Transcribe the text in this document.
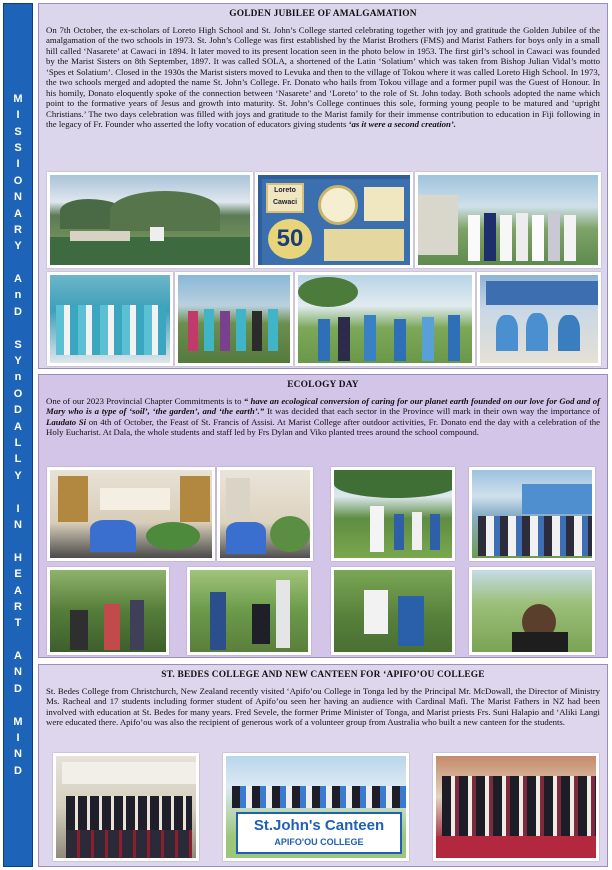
M
I
S
S
I
O
N
A
R
Y
A
n
D
S
Y
n
O
D
A
L
L
Y
I
N
H
E
A
R
T
A
N
D
M
I
N
D
GOLDEN JUBILEE OF AMALGAMATION
On 7th October, the ex-scholars of Loreto High School and St. John’s College started celebrating together with joy and gratitude the Golden Jubilee of the amalgamation of the two schools in 1973. St. John’s College was first established by the Marist Brothers (FMS) and Marist Fathers for boys only in a small hill called ‘Nasarete’ at Cawaci in 1894. It later moved to its present location seen in the photo below in 1953. The first girl’s school in Cawaci was founded by the Marist Sisters on 8th September, 1897. It was called SOLA, a shortened of the Latin ‘Solatium’ which was taken from Bishop Julian Vidal’s motto ‘Spes et Solatium’. Closed in the 1930s the Marist sisters moved to Levuka and then to the village of Tokou where it was called Loreto High School. In 1973, the two schools merged and adopted the name St. John’s College. Fr. Donato who hails from Tokou village and a former pupil was the Guest of Honour. In his homily, Donato eloquently spoke of the connection between ‘Nasarete’ and ‘Loreto’ to the role of St. John today. Both schools adopted the name which point to the formative years of Jesus and growth into maturity. St. John’s College continues this sole, forming young people to be matured and ‘upright Christians.’ The two days celebration was filled with joys and gratitude to the Marist family for their immense contribution to education in Fiji following in the legacy of Fr. Founder who asserted the lofty vocation of educators giving students ‘as it were a second creation’.
Loreto
Cawaci
50
ECOLOGY DAY
One of our 2023 Provincial Chapter Commitments is to “ have an ecological conversion of caring for our planet earth founded on our love for God and of Mary who is a type of ‘soil’, ‘the garden’, and ‘the earth’.” It was decided that each sector in the Province will mark in their own way the importance of Laudato Si on 4th of October, the Feast of St. Francis of Assisi. At Marist College after outdoor activities, Fr. Donato end the day with a celebration of the Holy Eucharist. At Dala, the whole students and staff led by Frs Dylan and Viko planted trees around the school compound.
ST. BEDES COLLEGE AND NEW CANTEEN FOR ‘APIFO’OU COLLEGE
St. Bedes College from Christchurch, New Zealand recently visited ‘Apifo’ou College in Tonga led by the Principal Mr. McDowall, the Director of Ministry Ms. Racheal and 17 students including former student of Apifo’ou seen her having an audience with Cardinal Mafi. The Marist Fathers in NZ had been involved with education at St. Bedes for many years. Fred Sevele, the former Prime Minister of Tonga, and Marist priests Frs. Suni Halapio and ‘Aliki Langi were educated there. Apifo’ou was also the recipient of generous work of a volunteer group from Australia who built a new canteen for the students.
St.John's Canteen
APIFO'OU COLLEGE
